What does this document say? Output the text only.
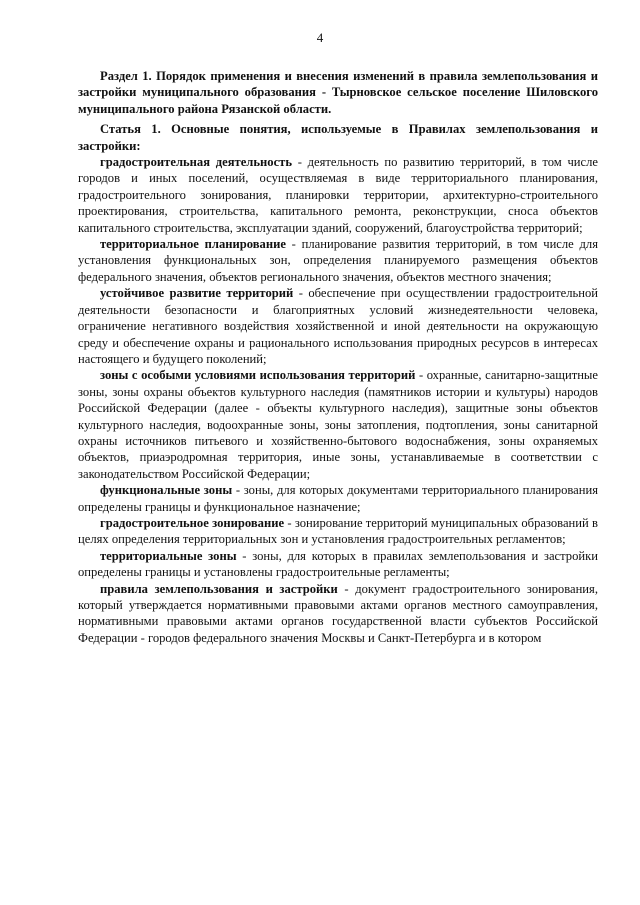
4

Раздел 1. Порядок применения и внесения изменений в правила землепользования и застройки муниципального образования - Тырновское сельское поселение Шиловского муниципального района Рязанской области.

Статья 1. Основные понятия, используемые в Правилах землепользования и застройки:

градостроительная деятельность - деятельность по развитию территорий, в том числе городов и иных поселений, осуществляемая в виде территориального планирования, градостроительного зонирования, планировки территории, архитектурно-строительного проектирования, строительства, капитального ремонта, реконструкции, сноса объектов капитального строительства, эксплуатации зданий, сооружений, благоустройства территорий;

территориальное планирование - планирование развития территорий, в том числе для установления функциональных зон, определения планируемого размещения объектов федерального значения, объектов регионального значения, объектов местного значения;

устойчивое развитие территорий - обеспечение при осуществлении градостроительной деятельности безопасности и благоприятных условий жизнедеятельности человека, ограничение негативного воздействия хозяйственной и иной деятельности на окружающую среду и обеспечение охраны и рационального использования природных ресурсов в интересах настоящего и будущего поколений;

зоны с особыми условиями использования территорий - охранные, санитарно-защитные зоны, зоны охраны объектов культурного наследия (памятников истории и культуры) народов Российской Федерации (далее - объекты культурного наследия), защитные зоны объектов культурного наследия, водоохранные зоны, зоны затопления, подтопления, зоны санитарной охраны источников питьевого и хозяйственно-бытового водоснабжения, зоны охраняемых объектов, приаэродромная территория, иные зоны, устанавливаемые в соответствии с законодательством Российской Федерации;

функциональные зоны - зоны, для которых документами территориального планирования определены границы и функциональное назначение;

градостроительное зонирование - зонирование территорий муниципальных образований в целях определения территориальных зон и установления градостроительных регламентов;

территориальные зоны - зоны, для которых в правилах землепользования и застройки определены границы и установлены градостроительные регламенты;

правила землепользования и застройки - документ градостроительного зонирования, который утверждается нормативными правовыми актами органов местного самоуправления, нормативными правовыми актами органов государственной власти субъектов Российской Федерации - городов федерального значения Москвы и Санкт-Петербурга и в котором
